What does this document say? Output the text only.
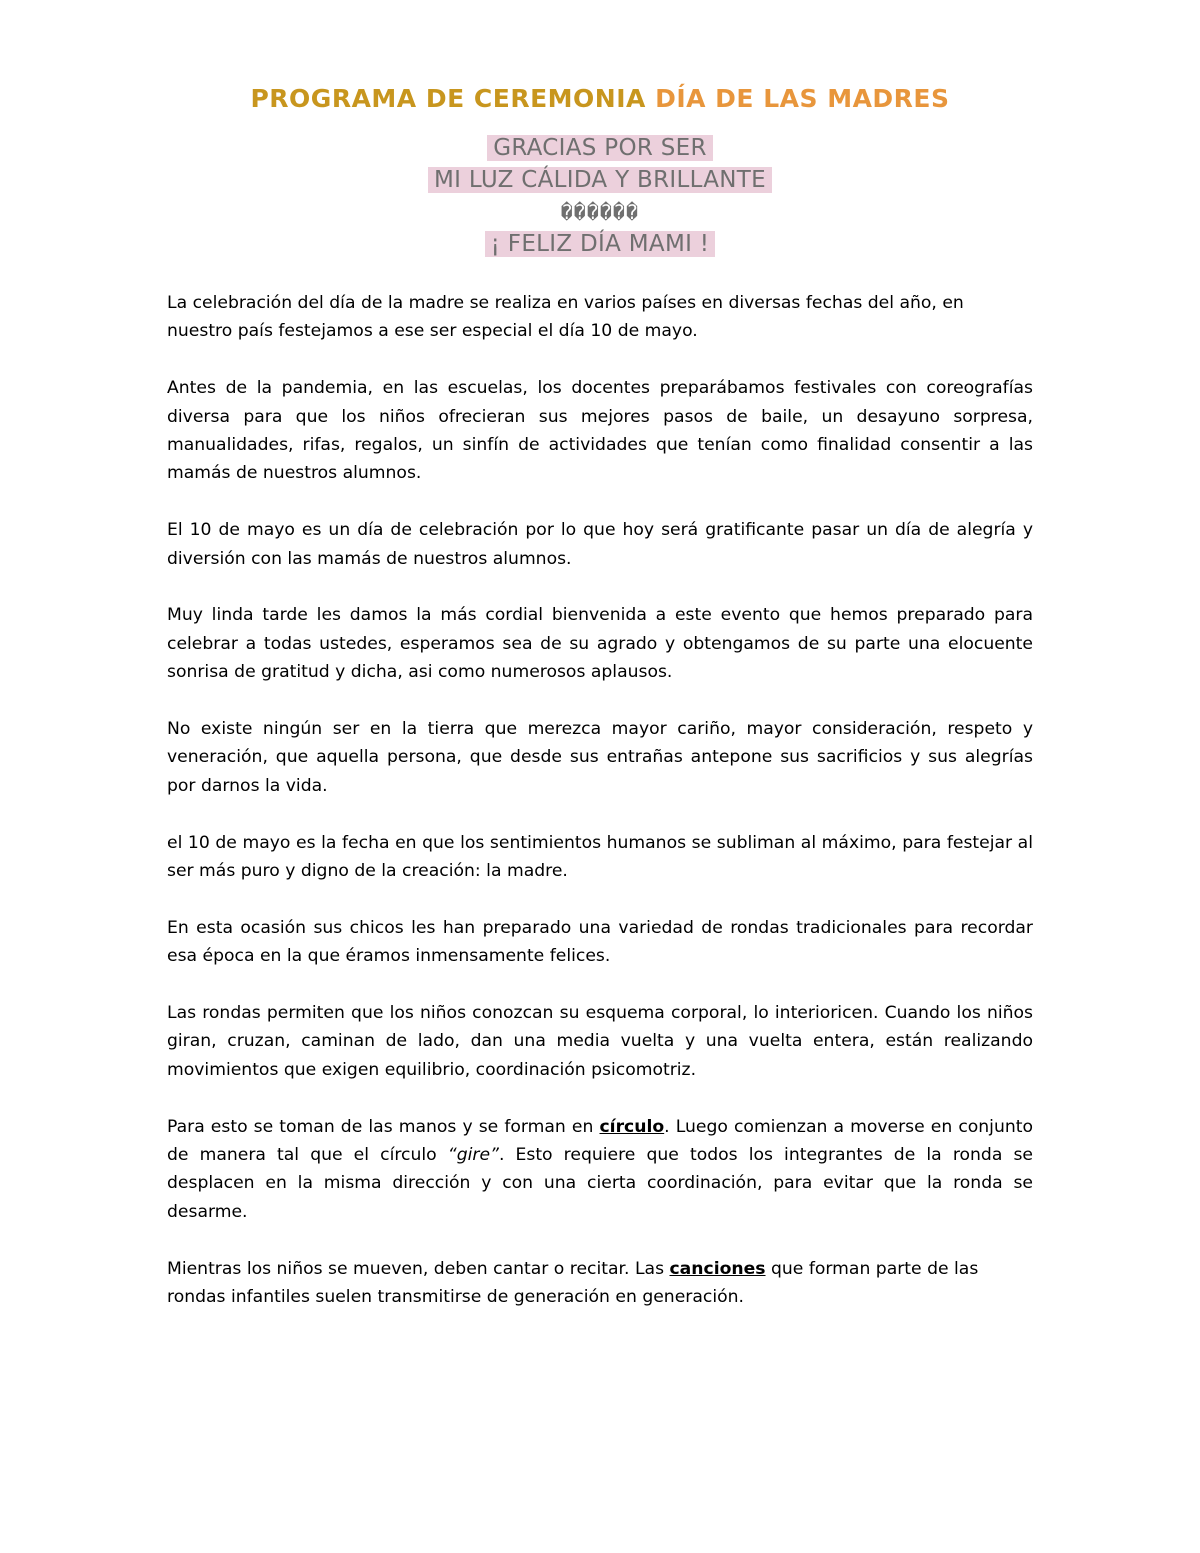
PROGRAMA DE CEREMONIA DÍA DE LAS MADRES
GRACIAS POR SER
MI LUZ CÁLIDA Y BRILLANTE
������
¡ FELIZ DÍA MAMI !

La celebración del día de la madre se realiza en varios países en diversas fechas del año, en nuestro país festejamos a ese ser especial el día 10 de mayo.

Antes de la pandemia, en las escuelas, los docentes preparábamos festivales con coreografías diversa para que los niños ofrecieran sus mejores pasos de baile, un desayuno sorpresa, manualidades, rifas, regalos, un sinfín de actividades que tenían como finalidad consentir a las mamás de nuestros alumnos.

El 10 de mayo es un día de celebración por lo que hoy será gratificante pasar un día de alegría y diversión con las mamás de nuestros alumnos.

Muy linda tarde les damos la más cordial bienvenida a este evento que hemos preparado para celebrar a todas ustedes, esperamos sea de su agrado y obtengamos de su parte una elocuente sonrisa de gratitud y dicha, asi como numerosos aplausos.

No existe ningún ser en la tierra que merezca mayor cariño, mayor consideración, respeto y veneración, que aquella persona, que desde sus entrañas antepone sus sacrificios y sus alegrías por darnos la vida.

el 10 de mayo es la fecha en que los sentimientos humanos se subliman al máximo, para festejar al ser más puro y digno de la creación: la madre.

En esta ocasión sus chicos les han preparado una variedad de rondas tradicionales para recordar esa época en la que éramos inmensamente felices.

Las rondas permiten que los niños conozcan su esquema corporal, lo interioricen. Cuando los niños giran, cruzan, caminan de lado, dan una media vuelta y una vuelta entera, están realizando movimientos que exigen equilibrio, coordinación psicomotriz.

Para esto se toman de las manos y se forman en círculo. Luego comienzan a moverse en conjunto de manera tal que el círculo “gire”. Esto requiere que todos los integrantes de la ronda se desplacen en la misma dirección y con una cierta coordinación, para evitar que la ronda se desarme.

Mientras los niños se mueven, deben cantar o recitar. Las canciones que forman parte de las rondas infantiles suelen transmitirse de generación en generación.
